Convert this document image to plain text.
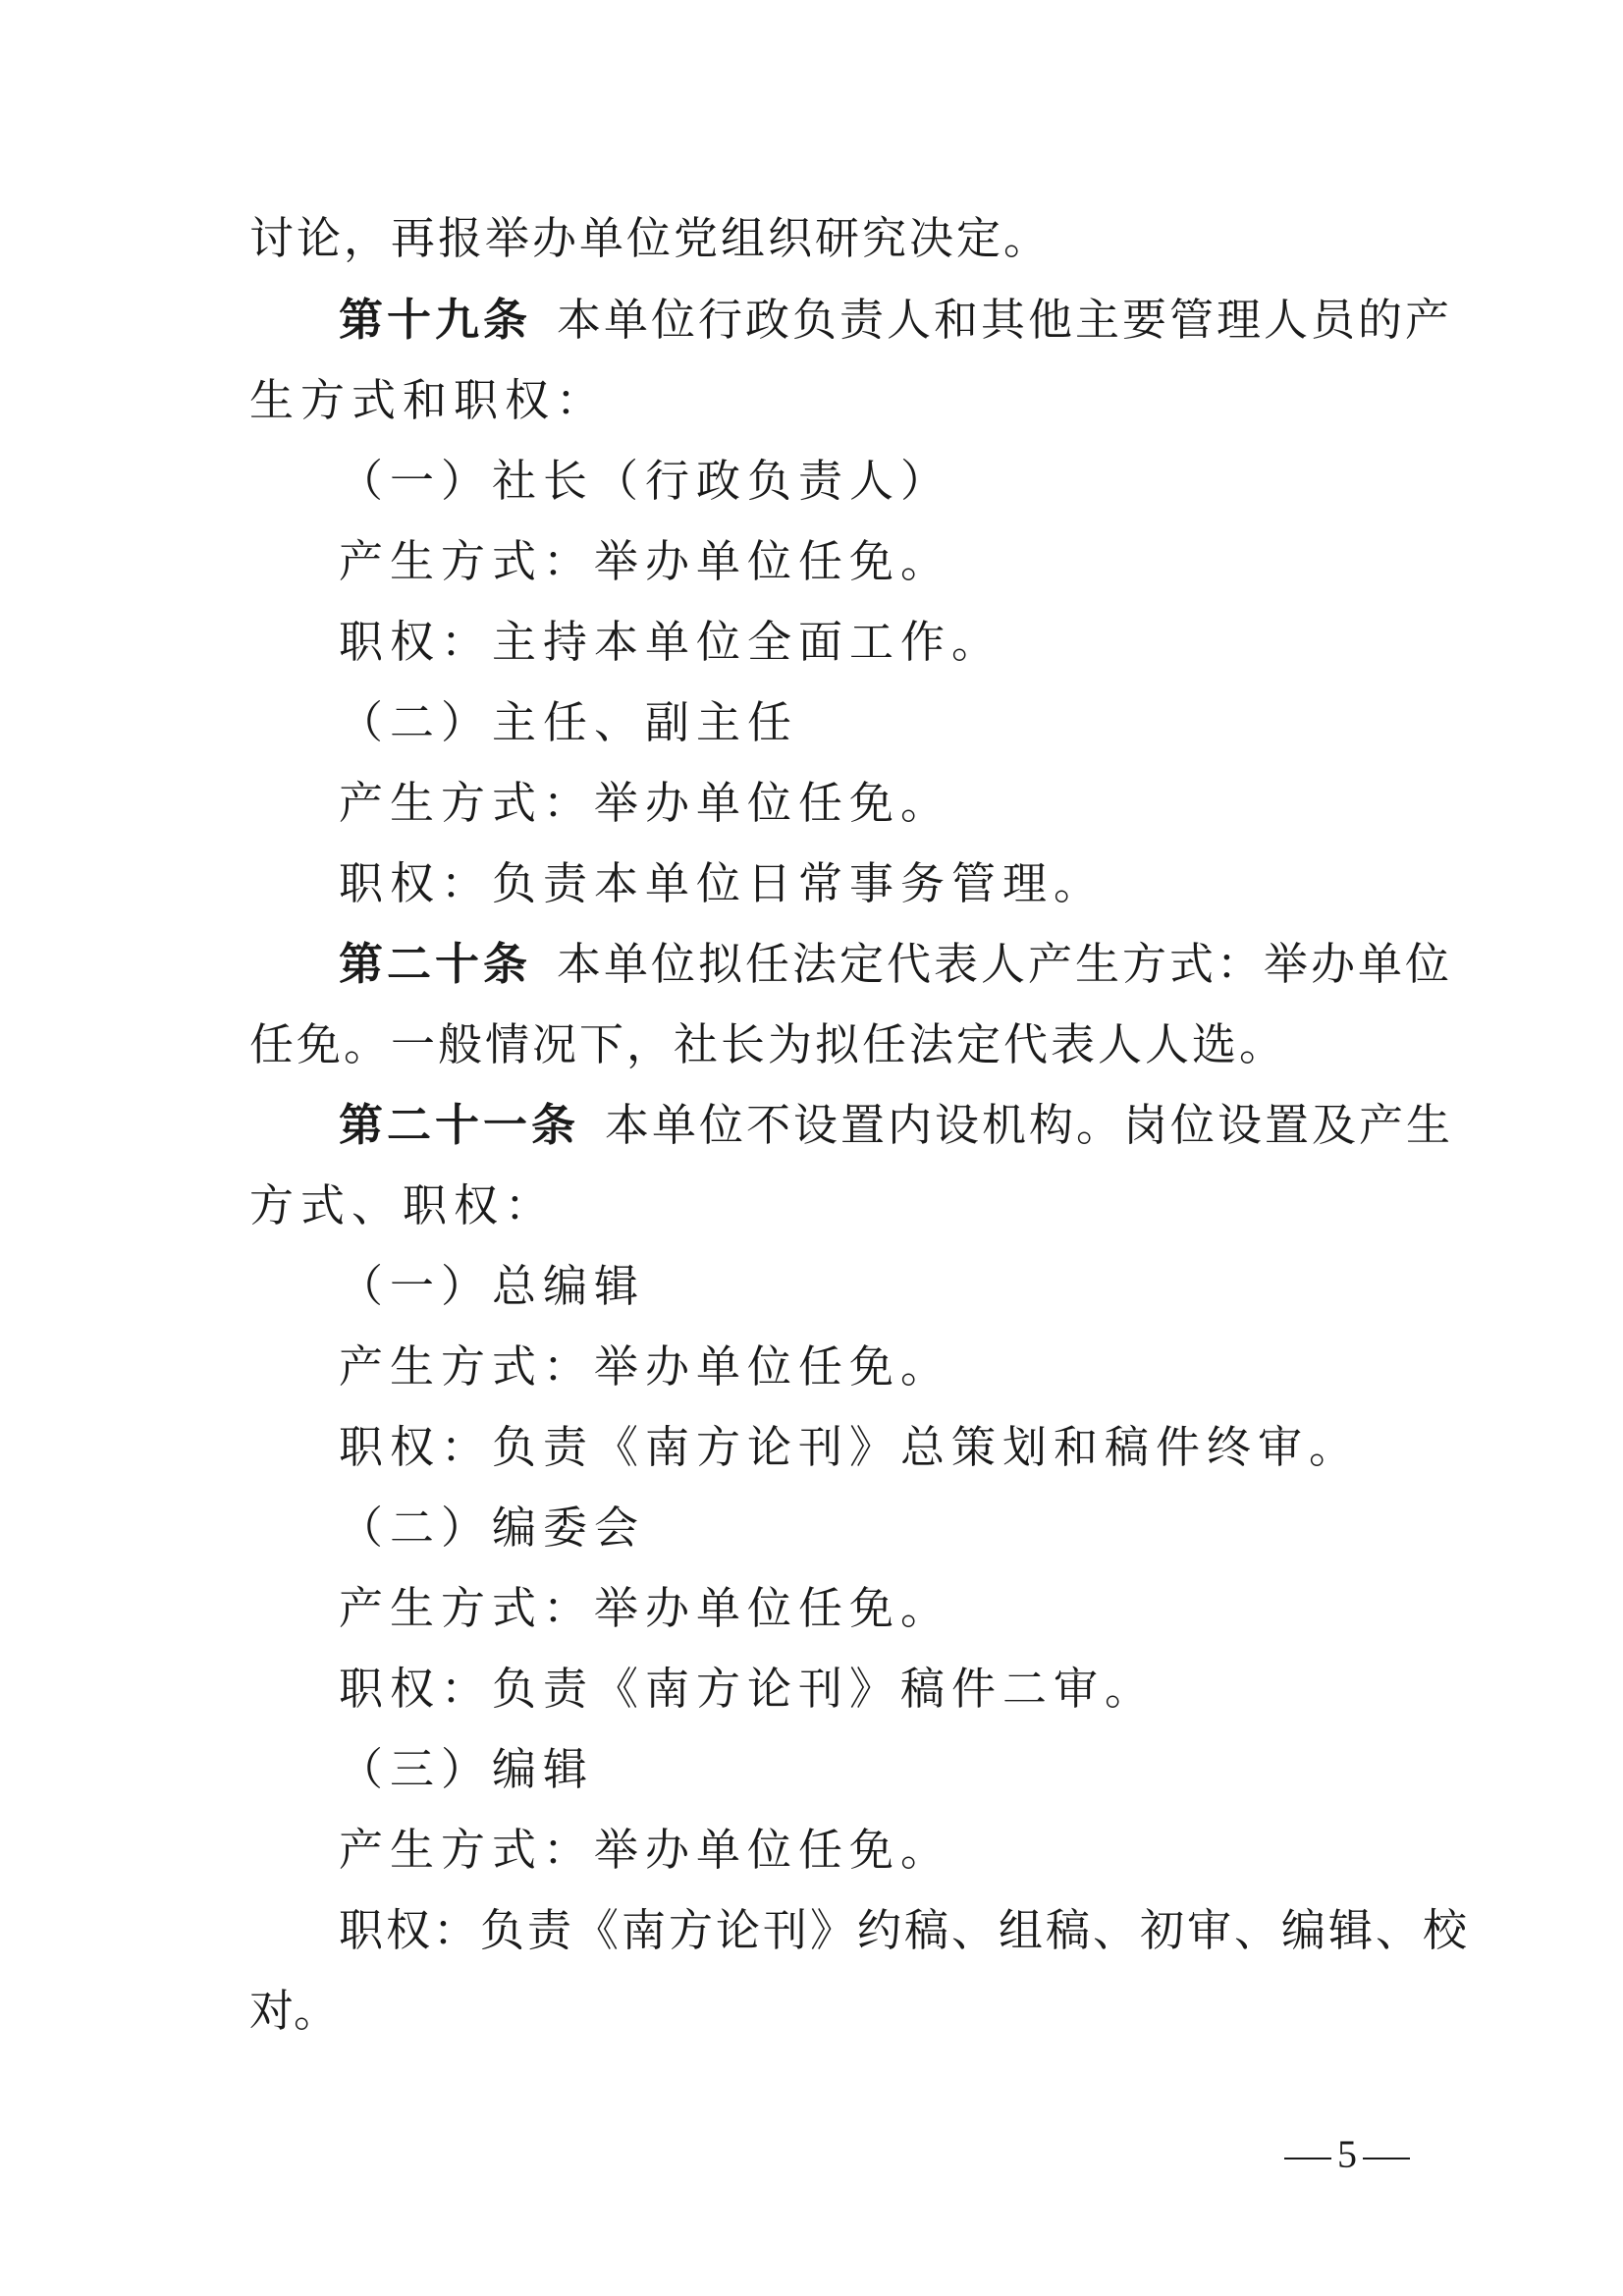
讨论，再报举办单位党组织研究决定。
第十九条 本单位行政负责人和其他主要管理人员的产
生方式和职权：
（一）社长（行政负责人）
产生方式：举办单位任免。
职权：主持本单位全面工作。
（二）主任、副主任
产生方式：举办单位任免。
职权：负责本单位日常事务管理。
第二十条 本单位拟任法定代表人产生方式：举办单位
任免。一般情况下，社长为拟任法定代表人人选。
第二十一条 本单位不设置内设机构。岗位设置及产生
方式、职权：
（一）总编辑
产生方式：举办单位任免。
职权：负责《南方论刊》总策划和稿件终审。
（二）编委会
产生方式：举办单位任免。
职权：负责《南方论刊》稿件二审。
（三）编辑
产生方式：举办单位任免。
职权：负责《南方论刊》约稿、组稿、初审、编辑、校
对。
5
